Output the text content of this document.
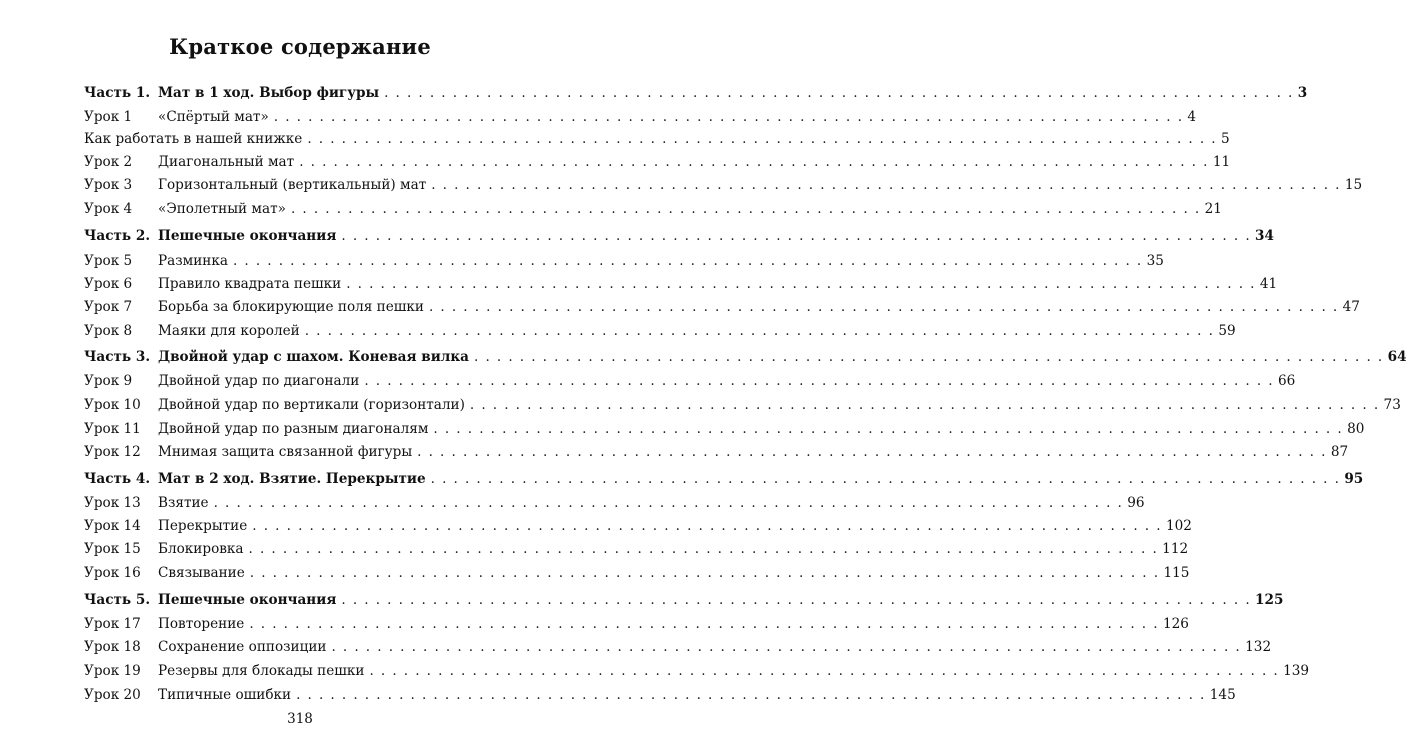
Краткое содержание
Часть 1. Мат в 1 ход. Выбор фигуры . . . . . . . . . . . . . . . . . . . . . . . . . . . . . . . . . . . . . . . . . . . . . . . . . . . . . . . . . . . . . . . . . . . . . . . . . . . . . . . . 3
Урок 1	«Спёртый мат» . . . . . . . . . . . . . . . . . . . . . . . . . . . . . . . . . . . . . . . . . . . . . . . . . . . . . . . . . . . . . . . . . . . . . . . . . . . . . . . . 4
Как работать в нашей книжке . . . . . . . . . . . . . . . . . . . . . . . . . . . . . . . . . . . . . . . . . . . . . . . . . . . . . . . . . . . . . . . . . . . . . . . . . . . . . . . . 5
Урок 2	Диагональный мат . . . . . . . . . . . . . . . . . . . . . . . . . . . . . . . . . . . . . . . . . . . . . . . . . . . . . . . . . . . . . . . . . . . . . . . . . . . . . . . . 11
Урок 3	Горизонтальный (вертикальный) мат . . . . . . . . . . . . . . . . . . . . . . . . . . . . . . . . . . . . . . . . . . . . . . . . . . . . . . . . . . . . . . . . . . . . . . . . . . . . . . . . 15
Урок 4	«Эполетный мат» . . . . . . . . . . . . . . . . . . . . . . . . . . . . . . . . . . . . . . . . . . . . . . . . . . . . . . . . . . . . . . . . . . . . . . . . . . . . . . . . 21
Часть 2. Пешечные окончания . . . . . . . . . . . . . . . . . . . . . . . . . . . . . . . . . . . . . . . . . . . . . . . . . . . . . . . . . . . . . . . . . . . . . . . . . . . . . . . . 34
Урок 5	Разминка . . . . . . . . . . . . . . . . . . . . . . . . . . . . . . . . . . . . . . . . . . . . . . . . . . . . . . . . . . . . . . . . . . . . . . . . . . . . . . . . 35
Урок 6	Правило квадрата пешки . . . . . . . . . . . . . . . . . . . . . . . . . . . . . . . . . . . . . . . . . . . . . . . . . . . . . . . . . . . . . . . . . . . . . . . . . . . . . . . . 41
Урок 7	Борьба за блокирующие поля пешки . . . . . . . . . . . . . . . . . . . . . . . . . . . . . . . . . . . . . . . . . . . . . . . . . . . . . . . . . . . . . . . . . . . . . . . . . . . . . . . . 47
Урок 8	Маяки для королей . . . . . . . . . . . . . . . . . . . . . . . . . . . . . . . . . . . . . . . . . . . . . . . . . . . . . . . . . . . . . . . . . . . . . . . . . . . . . . . . 59
Часть 3. Двойной удар с шахом. Коневая вилка . . . . . . . . . . . . . . . . . . . . . . . . . . . . . . . . . . . . . . . . . . . . . . . . . . . . . . . . . . . . . . . . . . . . . . . . . . . . . . . . 64
Урок 9	Двойной удар по диагонали . . . . . . . . . . . . . . . . . . . . . . . . . . . . . . . . . . . . . . . . . . . . . . . . . . . . . . . . . . . . . . . . . . . . . . . . . . . . . . . . 66
Урок 10	Двойной удар по вертикали (горизонтали) . . . . . . . . . . . . . . . . . . . . . . . . . . . . . . . . . . . . . . . . . . . . . . . . . . . . . . . . . . . . . . . . . . . . . . . . . . . . . . . . 73
Урок 11	Двойной удар по разным диагоналям . . . . . . . . . . . . . . . . . . . . . . . . . . . . . . . . . . . . . . . . . . . . . . . . . . . . . . . . . . . . . . . . . . . . . . . . . . . . . . . . 80
Урок 12	Мнимая защита связанной фигуры . . . . . . . . . . . . . . . . . . . . . . . . . . . . . . . . . . . . . . . . . . . . . . . . . . . . . . . . . . . . . . . . . . . . . . . . . . . . . . . . 87
Часть 4. Мат в 2 ход. Взятие. Перекрытие . . . . . . . . . . . . . . . . . . . . . . . . . . . . . . . . . . . . . . . . . . . . . . . . . . . . . . . . . . . . . . . . . . . . . . . . . . . . . . . . 95
Урок 13	Взятие . . . . . . . . . . . . . . . . . . . . . . . . . . . . . . . . . . . . . . . . . . . . . . . . . . . . . . . . . . . . . . . . . . . . . . . . . . . . . . . . 96
Урок 14	Перекрытие . . . . . . . . . . . . . . . . . . . . . . . . . . . . . . . . . . . . . . . . . . . . . . . . . . . . . . . . . . . . . . . . . . . . . . . . . . . . . . . . 102
Урок 15	Блокировка . . . . . . . . . . . . . . . . . . . . . . . . . . . . . . . . . . . . . . . . . . . . . . . . . . . . . . . . . . . . . . . . . . . . . . . . . . . . . . . . 112
Урок 16	Связывание . . . . . . . . . . . . . . . . . . . . . . . . . . . . . . . . . . . . . . . . . . . . . . . . . . . . . . . . . . . . . . . . . . . . . . . . . . . . . . . . 115
Часть 5. Пешечные окончания . . . . . . . . . . . . . . . . . . . . . . . . . . . . . . . . . . . . . . . . . . . . . . . . . . . . . . . . . . . . . . . . . . . . . . . . . . . . . . . . 125
Урок 17	Повторение . . . . . . . . . . . . . . . . . . . . . . . . . . . . . . . . . . . . . . . . . . . . . . . . . . . . . . . . . . . . . . . . . . . . . . . . . . . . . . . . 126
Урок 18	Сохранение оппозиции . . . . . . . . . . . . . . . . . . . . . . . . . . . . . . . . . . . . . . . . . . . . . . . . . . . . . . . . . . . . . . . . . . . . . . . . . . . . . . . . 132
Урок 19	Резервы для блокады пешки . . . . . . . . . . . . . . . . . . . . . . . . . . . . . . . . . . . . . . . . . . . . . . . . . . . . . . . . . . . . . . . . . . . . . . . . . . . . . . . . 139
Урок 20	Типичные ошибки . . . . . . . . . . . . . . . . . . . . . . . . . . . . . . . . . . . . . . . . . . . . . . . . . . . . . . . . . . . . . . . . . . . . . . . . . . . . . . . . 145
318
